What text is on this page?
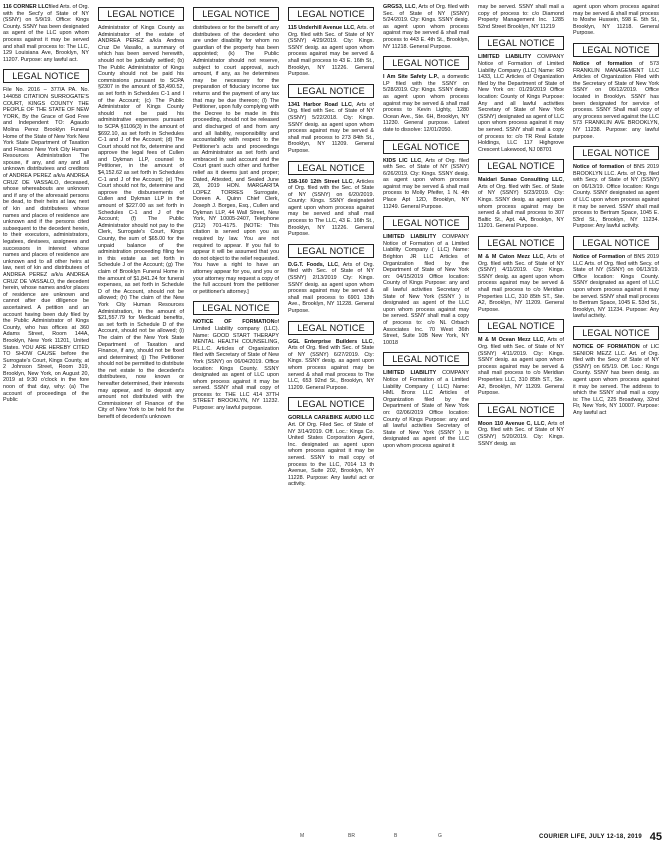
116 CORNER LLCfiled Arts. of Org. with the Sect'y of State of NY (SSNY) on 5/9/19. Office: Kings County. SSNY has been designated as agent of the LLC upon whom process against it may be served and shall mail process to: The LLC, 129 Louisiana Ave, Brooklyn, NY 11207. Purpose: any lawful act.
LEGAL NOTICE
File No. 2016 – 377/A PA. No. 144058 CITATION SURROGATE'S COURT, KINGS COUNTY THE PEOPLE OF THE STATE OF NEW YORK, By the Grace of God Free and Independent TO: Agaudo Molina Perez Brooklyn Funeral Home of the State of New York New York State Department of Taxation and Finance New York City Human Resources Administration The spouse, if any, and any and all unknown distributees and creditors of ANDREA PEREZ a/k/a ANDREA CRUZ DE VASSALO, deceased, whose whereabouts are unknown and if any of the aforesaid persons be dead, to their heirs at law, next of kin and distributees whose names and places of residence are unknown and if the persons cited subsequent to the decedent herein, to their executors, administrators, legatees, devisees, assignees and successors in interest whose names and places of residence are unknown and to all other heirs at law, next of kin and distributees of ANDREA PEREZ a/k/a ANDREA CRUZ DE VASSALO, the decedent herein, whose names and/or places of residence are unknown and cannot after due diligence be ascertained. A petition and an account having been duly filed by the Public Administrator of Kings County, who has offices at 360 Adams Street, Room 144A, Brooklyn, New York 11201, United States. YOU ARE HEREBY CITED TO SHOW CAUSE before the Surrogate's Court, Kings County, at 2 Johnson Street, Room 319, Brooklyn, New York, on August 20, 2019 at 9:30 o'clock in the fore noon of that day, why: (a) The account of proceedings of the Public
LEGAL NOTICE
Administrator of Kings County as Administrator of the estate of ANDREA PEREZ a/k/a Andrea Cruz De Vasallo, a summary of which has been served herewith, should not be judicially settled; (b) The Public Administrator of Kings County should not be paid his commissions pursuant to SCPA §2307 in the amount of $3,490.52, as set forth in Schedules C-1 and I of the Account; (c) The Public Administrator of Kings County should not be paid his administrative expenses pursuant to SCPA §1106(3) in the amount of $692.10, as set forth in Schedules C-1 and J of the Account; (d) The Court should not fix, determine and approve the legal fees of Cullen and Dykman LLP, counsel to Petitioner, in the amount of $4,152.62 as set forth in Schedules C-1 and J of the Account; (e) The Court should not fix, determine and approve the disbursements of Cullen and Dykman LLP in the amount of $227.00 as set forth in Schedules C-1 and J of the Account; (f) The Public Administrator should not pay to the Clerk, Surrogate's Court, Kings County, the sum of $65.00 for the unpaid balance of the administration proceeding filing fee in this estate as set forth in Schedule J of the Account; (g) The claim of Brooklyn Funeral Home in the amount of $1,841.24 for funeral expenses, as set forth in Schedule D of the Account, should not be allowed; (h) The claim of the New York City Human Resources Administration, in the amount of $21,557.79 for Medicaid benefits, as set forth in Schedule D of the Account, should not be allowed; (i) The claim of the New York State Department of Taxation and Finance, if any, should not be fixed and determined; (j) The Petitioner should not be permitted to distribute the net estate to the decedent's distributees, now known or hereafter determined, their interests may appear, and to deposit any amount not distributed with the Commissioner of Finance of the City of New York to be held for the benefit of decedent's unknown
LEGAL NOTICE
distributees or for the benefit of any distributees of the decedent who are under disability for whom no guardian of the property has been appointed; (k) The Public Administrator should not reserve, subject to court approval, such amount, if any, as he determines may be necessary for the preparation of fiduciary income tax returns and the payment of any tax that may be due thereon; (l) The Petitioner, upon fully complying with the Decree to be made in this proceeding, should not be released and discharged of and from any and all liability, responsibility and accountability with respect to the Petitioner's acts and proceedings as Administrator as set forth and embraced in said account and the Court grant such other and further relief as it deems just and proper; Dated, Attested, and Sealed June 28, 2019 HON. MARGARITA LOPEZ TORRES Surrogate, Doreen A. Quinn Chief Clerk, Joseph J. Borges, Esq., Cullen and Dykman LLP, 44 Wall Street, New York, NY 10005-2407, Telephone (212) 701-4175. [NOTE: This citation is served upon you as required by law. You are not required to appear. If you fail to appear it will be assumed that you do not object to the relief requested. You have a right to have an attorney appear for you, and you or your attorney may request a copy of the full account from the petitioner or petitioner's attorney.]
LEGAL NOTICE
NOTICE OF FORMATIONof Limited Liability company (LLC). Name: GOOD START THERAPY MENTAL HEALTH COUNSELING, P.L.L.C. Articles of Organization filed with Secretary of State of New York (SSNY) on 06/04/2019. Office location: Kings County. SSNY designated as agent of LLC upon whom process against it may be served. SSNY shall mail copy of process to: THE LLC 414 37TH STREET BROOKLYN, NY 11232. Purpose: any lawful purpose.
LEGAL NOTICE
115 Underhill Avenue LLC, Arts. of Org. filed with Sec. of State of NY (SSNY) 4/29/2019. Cty: Kings. SSNY desig. as agent upon whom process against may be served & shall mail process to 43 E. 16th St., Brooklyn, NY 11226. General Purpose.
LEGAL NOTICE
1341 Harbor Road LLC, Arts of Org. filed with Sec. of State of NY (SSNY) 5/22/2018. Cty: Kings. SSNY desig. as agent upon whom process against may be served & shall mail process to 273 84th St., Brooklyn, NY 11209. General Purpose.
LEGAL NOTICE
158-160 12th Street LLC, Articles of Org. filed with the Sec. of State of NY (SSNY) on 6/20/2019. County: Kings. SSNY designated agent upon whom process against may be served and shall mail process to The LLC, 43 E. 16th St., Brooklyn, NY 11226. General Purpose.
LEGAL NOTICE
D.G.T. Foods, LLC, Arts of Org. filed with Sec. of State of NY (SSNY) 2/13/2019 Cty: Kings. SSNY desig. as agent upon whom process against may be served & shall mail process to 6901 13th Ave., Brooklyn, NY 11228. General Purpose.
LEGAL NOTICE
GGL Enterprise Builders LLC, Arts of Org. filed with Sec. of State of NY (SSNY) 6/27/2019. Cty: Kings. SSNY desig. as agent upon whom process against may be served & shall mail process to The LLC, 653 92nd St., Brooklyn, NY 11209. General Purpose.
LEGAL NOTICE
GORILLA CAR&BIKE AUDIO LLC Art. Of Org. Filed Sec. of State of NY 3/14/2019. Off. Loc.: Kings Co. United States Corporation Agent, Inc. designated as agent upon whom process against it may be served. SSNY to mail copy of process to the LLC, 7014 13 th Avenue, Suite 202, Brooklyn, NY 11228. Purpose: Any lawful act or activity.
GRGS3, LLC, Arts of Org. filed with Sec. of State of NY (SSNY) 5/24/2019. Cty: Kings. SSNY desig. as agent upon whom process against may be served & shall mail process to 443 E. 4th St., Brooklyn, NY 11218. General Purpose.
LEGAL NOTICE
I Am Site Safety L.P., a domestic LP filed with the SSNY on 5/28/2019. Cty: Kings. SSNY desig. as agent upon whom process against may be served & shall mail process to Kevin Lighty, 1280 Ocean Ave., Ste. 6H, Brooklyn, NY 11230. General purpose. Latest date to dissolve: 12/01/2050.
LEGAL NOTICE
KIDS LIC LLC, Arts of Org. filed with Sec. of State of NY (SSNY) 6/26/2019. Cty: Kings. SSNY desig. as agent upon whom process against may be served & shall mail process to Molly Pfeifer, 1 N. 4th Place Apt 12D, Brooklyn, NY 11249. General Purpose.
LEGAL NOTICE
LIMITED LIABILITY COMPANY Notice of Formation of a Limited Liability Company ( LLC) Name: Brighton JR LLC Articles of Organization filed by the Department of State of New York on: 04/15/2019 Office location: County of Kings Purpose: any and all lawful activities Secretary of State of New York (SSNY ) is designated as agent of the LLC upon whom process against may be served. SSNY shall mail a copy of process to: c/o NL Orbach Associates Inc. 70 West 36th Street, Suite 10B New York, NY 10018
LEGAL NOTICE
LIMITED LIABILITY COMPANY Notice of Formation of a Limited Liability Company ( LLC) Name: HML Bronx LLC Articles of Organization filed by the Department of State of New York on: 02/06/2019 Office location: County of Kings Purpose: any and all lawful activities Secretary of State of New York (SSNY ) is designated as agent of the LLC upon whom process against it
may be served. SSNY shall mail a copy of process to: c/o Diamond Property Management Inc. 1285 52nd Street Brooklyn, NY 11219
LEGAL NOTICE
LIMITED LIABILITY COMPANY Notice of Formation of Limited Liability Company (LLC) Name: RD 1433, LLC Articles of Organization filed by the Department of State of New York on: 01/29/2019 Office location: County of Kings Purpose: Any and all lawful activities Secretary of State of New York (SSNY) designated as agent of LLC upon whom process against it may be served. SSNY shall mail a copy of process to: c/o TR Real Estate Holdings, LLC 117 Highgrove Crescent Lakewood, NJ 08701
LEGAL NOTICE
Maidari Sunao Consulting LLC, Arts of Org. filed with Sec. of State of NY (SSNY) 5/23/2019. Cty: Kings. SSNY desig. as agent upon whom process against may be served & shall mail process to 307 Baltic St., Apt. 4A, Brooklyn, NY 11201. General Purpose.
LEGAL NOTICE
M & M Caton Mezz LLC, Arts of Org. filed with Sec. of State of NY (SSNY) 4/11/2019. Cty: Kings. SSNY desig. as agent upon whom process against may be served & shall mail process to c/o Meridian Properties LLC, 310 85th ST., Ste. A2, Brooklyn, NY 11209. General Purpose.
LEGAL NOTICE
M & M Ocean Mezz LLC, Arts of Org. filed with Sec. of State of NY (SSNY) 4/11/2019. Cty: Kings. SSNY desig. as agent upon whom process against may be served & shall mail process to c/o Meridian Properties LLC, 310 85th ST., Ste. A2, Brooklyn, NY 11209. General Purpose.
LEGAL NOTICE
Moon 110 Avenue C, LLC, Arts of Org. filed with Sec. of State of NY (SSNY) 5/20/2019. Cty: Kings. SSNY desig. as
agent upon whom process against may be served & shall mail process to Moshe Hussein, 598 E. 5th St., Brooklyn, NY 11218. General Purpose.
LEGAL NOTICE
Notice of formation of 573 FRANKLIN MANAGEMENT LLC Articles of Organization Filed with the Secretary of State of New York SSNY on 06/12/2019. Office located in Brooklyn. SSNY has been designated for service of process. SSNY Shall mail copy of any process served against the LLC 573 FRANKLIN AVE BROOKLYN, NY 11238. Purpose: any lawful purpose.
LEGAL NOTICE
Notice of formation of BNS 2019 BROOKLYN LLC. Arts. of Org. filed with Secy. of State of NY (SSNY) on 06/13/19. Office location: Kings County. SSNY designated as agent of LLC upon whom process against it may be served. SSNY shall mail process to Bertram Space, 1045 E. 53rd St., Brooklyn, NY 11234. Purpose: Any lawful activity.
LEGAL NOTICE
Notice of Formation of BNS 2019 LLC Arts. of Org. filed with Secy. of State of NY (SSNY) on 06/13/19. Office location: Kings County. SSNY designated as agent of LLC upon whom process against it may be served. SSNY shall mail process to Bertram Space, 1045 E. 53rd St., Brooklyn, NY 11234. Purpose: Any lawful activity.
LEGAL NOTICE
NOTICE OF FORMATION of LIC SENIOR MEZZ LLC. Art. of Org. filed with the Secy of State of NY (SSNY) on 6/5/19. Off. Loc.: Kings County. SSNY has been desig. as agent upon whom process against it may be served. The address to which the SSNY shall mail a copy is: The LLC, 225 Broadway, 32nd Flr, New York, NY 10007. Purpose: Any lawful act
M	BR	B	G	COURIER LIFE, JULY 12-18, 2019 45
